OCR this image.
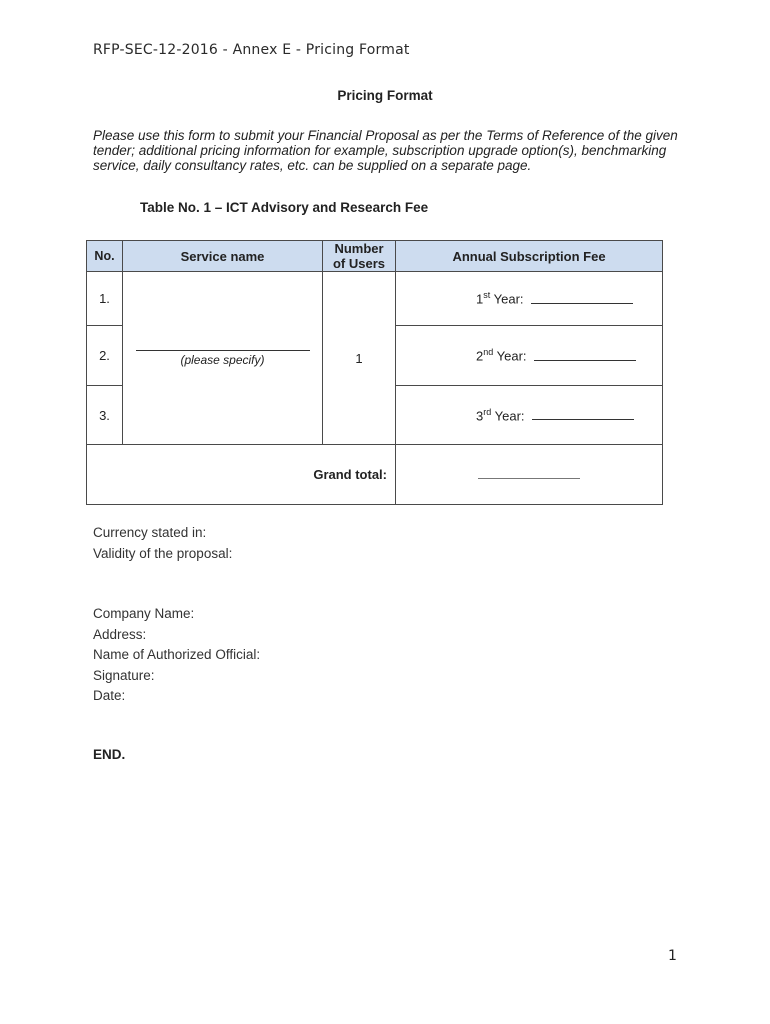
RFP-SEC-12-2016 - Annex E - Pricing Format
Pricing Format
Please use this form to submit your Financial Proposal as per the Terms of Reference of the given tender; additional pricing information for example, subscription upgrade option(s), benchmarking service, daily consultancy rates, etc. can be supplied on a separate page.
Table No. 1 – ICT Advisory and Research Fee
No.	Service name	Number of Users	Annual Subscription Fee
1.	(please specify)	1	1st Year:
2.			2nd Year:
3.			3rd Year:
Grand total:			
Currency stated in:
Validity of the proposal:
Company Name:
Address:
Name of Authorized Official:
Signature:
Date:
END.
1
